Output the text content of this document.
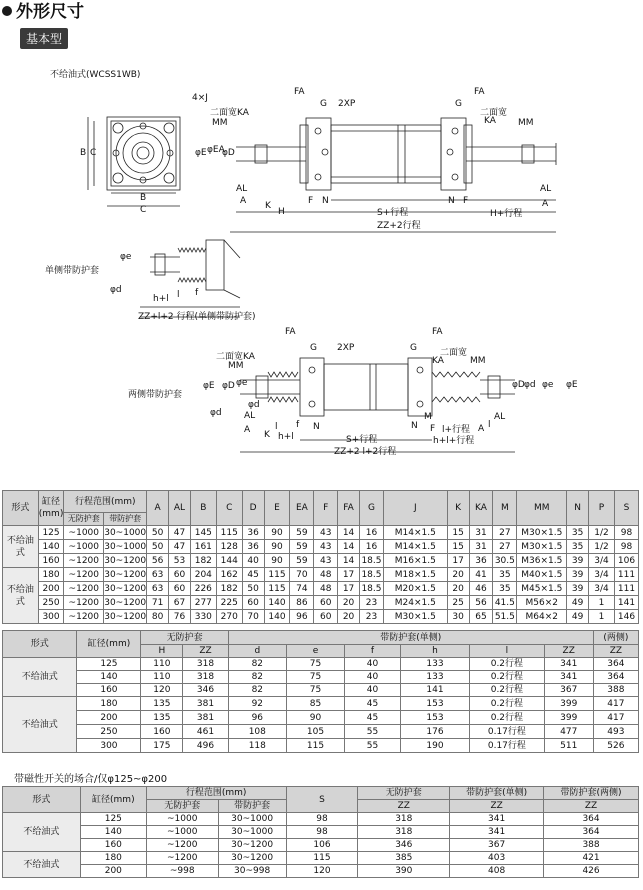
外形尺寸
基本型
不给油式(WCSS1WB)
单侧带防护套
两侧带防护套
4×J
B C
B
C
FA	FA
G 2XP	G
二面宽
KA
φE φEA
φD
二面宽KA
MM	MM
AL
A K
H
F N	N F
AL
A
S+行程	H+行程
ZZ+2行程
φe
φd
h+l
ZZ+l+2 行程(单侧带防护套)
f
l
FA
G 2XP
FA
G
二面宽KA	二面宽
KA
MM	MM
φE φD
φd
φe	φD φd φe φE
φd
AL
A K
l
h+l
f N	N
M
F l+行程 l
A
AL
S+行程	h+l+行程
ZZ+2 l+2行程
形式	缸径(mm)	行程范围(mm)		A	AL	B	C	D	E	EA	F	FA	G	J	K	KA	M	MM	N	P	S
		无防护套	带防护套																		
不给油式	125	~1000	30~1000	50	47	145	115	36	90	59	43	14	16	M14×1.5	15	31	27	M30×1.5	35	1/2	98
	140	~1000	30~1000	50	47	161	128	36	90	59	43	14	16	M14×1.5	15	31	27	M30×1.5	35	1/2	98
	160	~1200	30~1200	56	53	182	144	40	90	59	43	14	18.5	M16×1.5	17	36	30.5	M36×1.5	39	3/4	106
不给油式	180	~1200	30~1200	63	60	204	162	45	115	70	48	17	18.5	M18×1.5	20	41	35	M40×1.5	39	3/4	111
	200	~1200	30~1200	63	60	226	182	50	115	74	48	17	18.5	M20×1.5	20	46	35	M45×1.5	39	3/4	111
	250	~1200	30~1200	71	67	277	225	60	140	86	60	20	23	M24×1.5	25	56	41.5	M56×2	49	1	141
	300	~1200	30~1200	80	76	330	270	70	140	96	60	20	23	M30×1.5	30	65	51.5	M64×2	49	1	146
形式	缸径(mm)	无防护套		带防护套(单侧)						(两侧)
		H	ZZ	d	e	f	h	l	ZZ	ZZ
不给油式	125	110	318	82	75	40	133	0.2行程	341	364
	140	110	318	82	75	40	133	0.2行程	341	364
	160	120	346	82	75	40	141	0.2行程	367	388
不给油式	180	135	381	92	85	45	153	0.2行程	399	417
	200	135	381	96	90	45	153	0.2行程	399	417
	250	160	461	108	105	55	176	0.17行程	477	493
	300	175	496	118	115	55	190	0.17行程	511	526
带磁性开关的场合/仅φ125~φ200
形式	缸径(mm)	行程范围(mm)		S	无防护套	带防护套(单侧)	带防护套(两侧)
		无防护套	带防护套		ZZ	ZZ	ZZ
不给油式	125	~1000	30~1000	98	318	341	364
	140	~1000	30~1000	98	318	341	364
	160	~1200	30~1200	106	346	367	388
不给油式	180	~1200	30~1200	115	385	403	421
	200	~998	30~998	120	390	408	426
